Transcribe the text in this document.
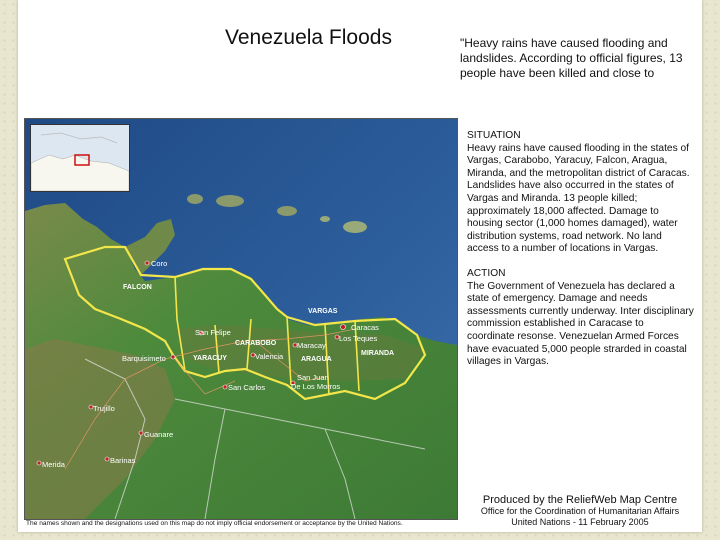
Venezuela Floods	"Heavy rains have caused flooding and landslides. According to official figures, 13 people have been killed and close to
FALCON
VARGAS
CARABOBO
YARACUY	ARAGUA
MIRANDA
Coro
San Felipe
Barquisimeto	Valencia
Maracay
Caracas
Los Teques
San Carlos
San Juan
De Los Morros
Trujillo
Guanare
Merida	Barinas

SITUATION

Heavy rains have caused flooding in the states of Vargas, Carabobo, Yaracuy, Falcon, Aragua, Miranda, and the metropolitan district of Caracas. Landslides have also occurred in the states of Vargas and Miranda. 13 people killed; approximately 18,000 affected. Damage to housing sector (1,000 homes damaged), water distribution systems, road network. No land access to a number of locations in Vargas.

ACTION

The Government of Venezuela has declared a state of emergency. Damage and needs assessments currently underway. Inter disciplinary commission established in Caracase to coordinate resonse. Venezuelan Armed Forces have evacuated 5,000 people strarded in coastal villages in Vargas.

Produced by the ReliefWeb Map Centre
Office for the Coordination of Humanitarian Affairs
United Nations - 11 February 2005
The names shown and the designations used on this map do not imply official endorsement or acceptance by the United Nations.
